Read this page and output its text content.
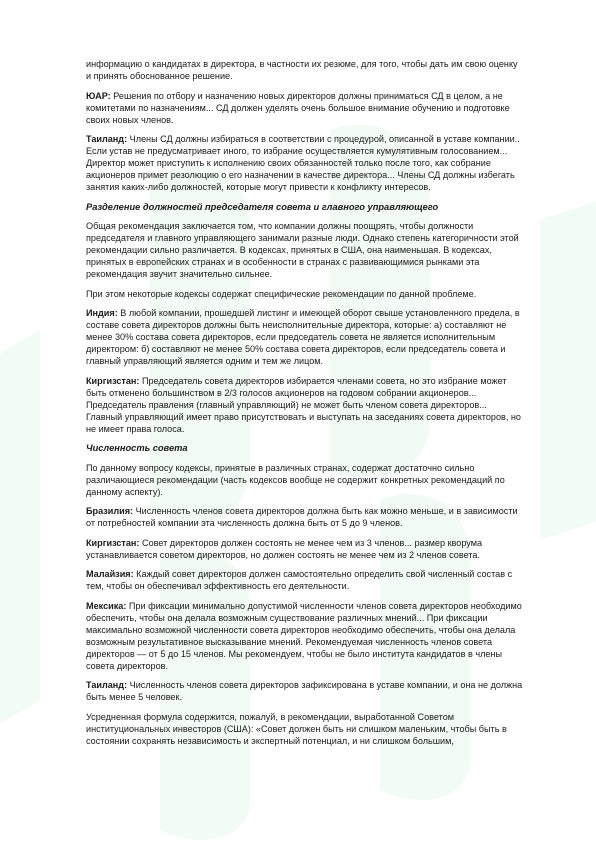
информацию о кандидатах в директора, в частности их резюме, для того, чтобы дать им свою оценку и принять обоснованное решение.

ЮАР: Решения по отбору и назначению новых директоров должны приниматься СД в целом, а не комитетами по назначениям... СД должен уделять очень большое внимание обучению и подготовке своих новых членов.

Таиланд: Члены СД должны избираться в соответствии с процедурой, описанной в уставе компании.. Если устав не предусматривает иного, то избрание осуществляется кумулятивным голосованием... Директор может приступить к исполнению своих обязанностей только после того, как собрание акционеров примет резолюцию о его назначении в качестве директора... Члены СД должны избегать занятия каких-либо должностей, которые могут привести к конфликту интересов.

Разделение должностей председателя совета и главного управляющего

Общая рекомендация заключается том, что компании должны поощрять, чтобы должности председателя и главного управляющего занимали разные люди. Однако степень категоричности этой рекомендации сильно различается. В кодексах, принятых в США, она наименьшая. В кодексах, принятых в европейских странах и в особенности в странах с развивающимися рынками эта рекомендация звучит значительно сильнее.

При этом некоторые кодексы содержат специфические рекомендации по данной проблеме.

Индия: В любой компании, прошедшей листинг и имеющей оборот свыше установленного предела, в составе совета директоров должны быть неисполнительные директора, которые: а) составляют не менее 30% состава совета директоров, если председатель совета не является исполнительным директором: б) составляют не менее 50% состава совета директоров, если председатель совета и главный управляющий является одним и тем же лицом.

Киргизстан: Председатель совета директоров избирается членами совета, но это избрание может быть отменено большинством в 2/3 голосов акционеров на годовом собрании акционеров... Председатель правления (главный управляющий) не может быть членом совета директоров... Главный управляющий имеет право присутствовать и выступать на заседаниях совета директоров, но не имеет права голоса.

Численность совета

По данному вопросу кодексы, принятые в различных странах, содержат достаточно сильно различающиеся рекомендации (часть кодексов вообще не содержит конкретных рекомендаций по данному аспекту).

Бразилия: Численность членов совета директоров должна быть как можно меньше, и в зависимости от потребностей компании эта численность должна быть от 5 до 9 членов.

Киргизстан: Совет директоров должен состоять не менее чем из 3 членов... размер кворума устанавливается советом директоров, но должен состоять не менее чем из 2 членов совета.

Малайзия: Каждый совет директоров должен самостоятельно определить свой численный состав с тем, чтобы он обеспечивал эффективность его деятельности.

Мексика: При фиксации минимально допустимой численности членов совета директоров необходимо обеспечить, чтобы она делала возможным существование различных мнений... При фиксации максимально возможной численности совета директоров необходимо обеспечить, чтобы она делала возможным результативное высказывание мнений. Рекомендуемая численность членов совета директоров — от 5 до 15 членов. Мы рекомендуем, чтобы не было института кандидатов в члены совета директоров.

Таиланд: Численность членов совета директоров зафиксирована в уставе компании, и она не должна быть менее 5 человек.

Усредненная формула содержится, пожалуй, в рекомендации, выработанной Советом институциональных инвесторов (США): «Совет должен быть ни слишком маленьким, чтобы быть в состоянии сохранять независимость и экспертный потенциал, и ни слишком большим,
